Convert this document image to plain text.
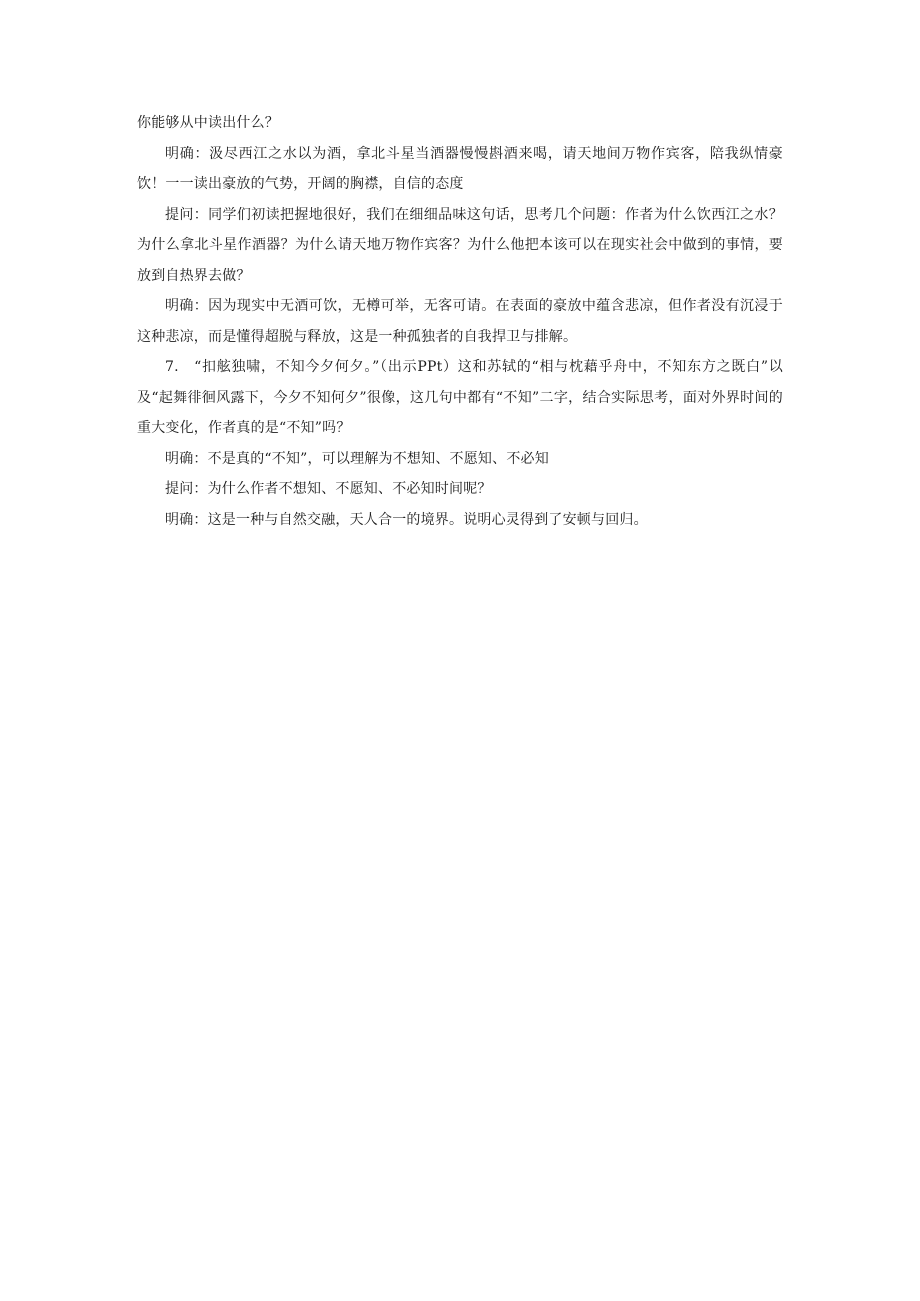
你能够从中读出什么？

明确：汲尽西江之水以为酒，拿北斗星当酒器慢慢斟酒来喝，请天地间万物作宾客，陪我纵情豪饮！一一读出豪放的气势，开阔的胸襟，自信的态度

提问：同学们初读把握地很好，我们在细细品味这句话，思考几个问题：作者为什么饮西江之水？为什么拿北斗星作酒器？为什么请天地万物作宾客？为什么他把本该可以在现实社会中做到的事情，要放到自热界去做？

明确：因为现实中无酒可饮，无樽可举，无客可请。在表面的豪放中蕴含悲凉，但作者没有沉浸于这种悲凉，而是懂得超脱与释放，这是一种孤独者的自我捍卫与排解。

7.　“扣舷独啸，不知今夕何夕。”（出示PPt）这和苏轼的“相与枕藉乎舟中，不知东方之既白”以及“起舞徘徊风露下，今夕不知何夕”很像，这几句中都有“不知”二字，结合实际思考，面对外界时间的重大变化，作者真的是“不知”吗？

明确：不是真的“不知”，可以理解为不想知、不愿知、不必知

提问：为什么作者不想知、不愿知、不必知时间呢？

明确：这是一种与自然交融，天人合一的境界。说明心灵得到了安顿与回归。
